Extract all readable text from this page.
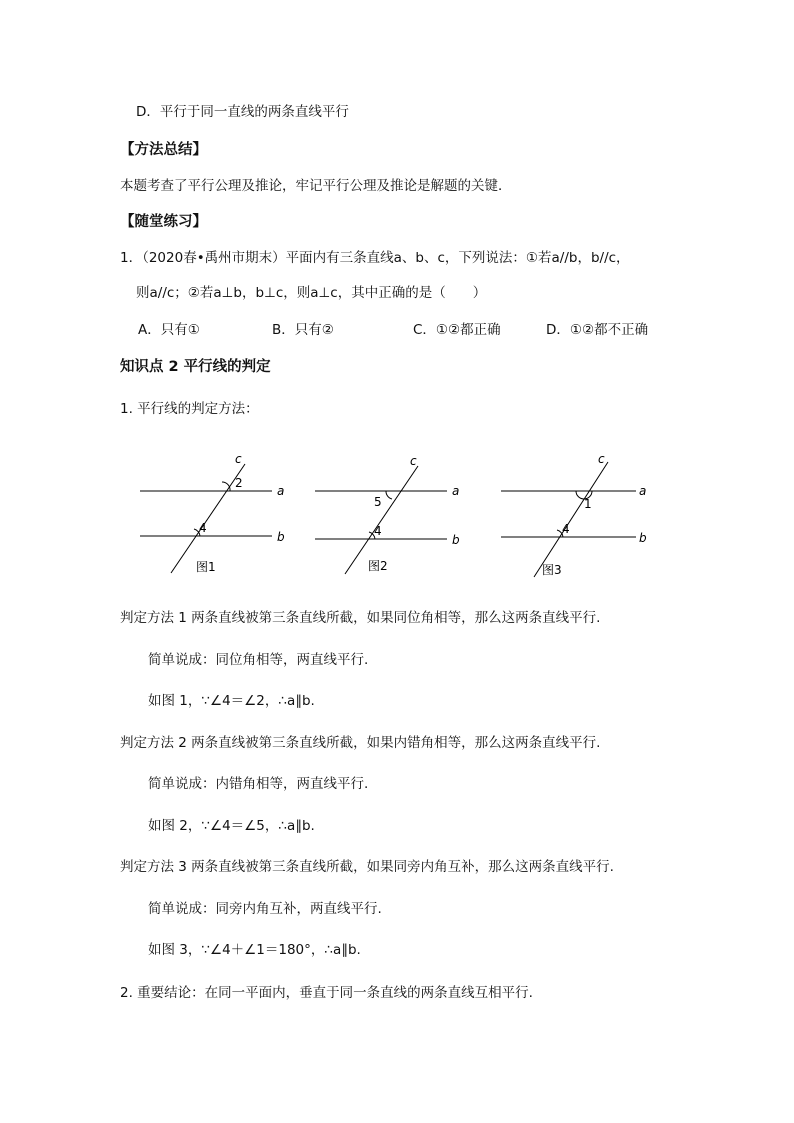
D．平行于同一直线的两条直线平行
【方法总结】
本题考查了平行公理及推论，牢记平行公理及推论是解题的关键．
【随堂练习】
1．（2020春•禹州市期末）平面内有三条直线a、b、c，下列说法：①若a//b，b//c，
则a//c；②若a⊥b，b⊥c，则a⊥c，其中正确的是（　　）
A．只有①	B．只有②	C．①②都正确	D．①②都不正确
知识点 2 平行线的判定
1. 平行线的判定方法：
c
a
b
2
4
图1
c
a
b
5
4
图2
c
a
b
1
4
图3
判定方法 1 两条直线被第三条直线所截，如果同位角相等，那么这两条直线平行.
简单说成：同位角相等，两直线平行.
如图 1，∵∠4＝∠2，∴a∥b.
判定方法 2 两条直线被第三条直线所截，如果内错角相等，那么这两条直线平行.
简单说成：内错角相等，两直线平行.
如图 2，∵∠4＝∠5，∴a∥b.
判定方法 3 两条直线被第三条直线所截，如果同旁内角互补，那么这两条直线平行.
简单说成：同旁内角互补，两直线平行.
如图 3，∵∠4＋∠1＝180°，∴a∥b.
2. 重要结论：在同一平面内，垂直于同一条直线的两条直线互相平行.
